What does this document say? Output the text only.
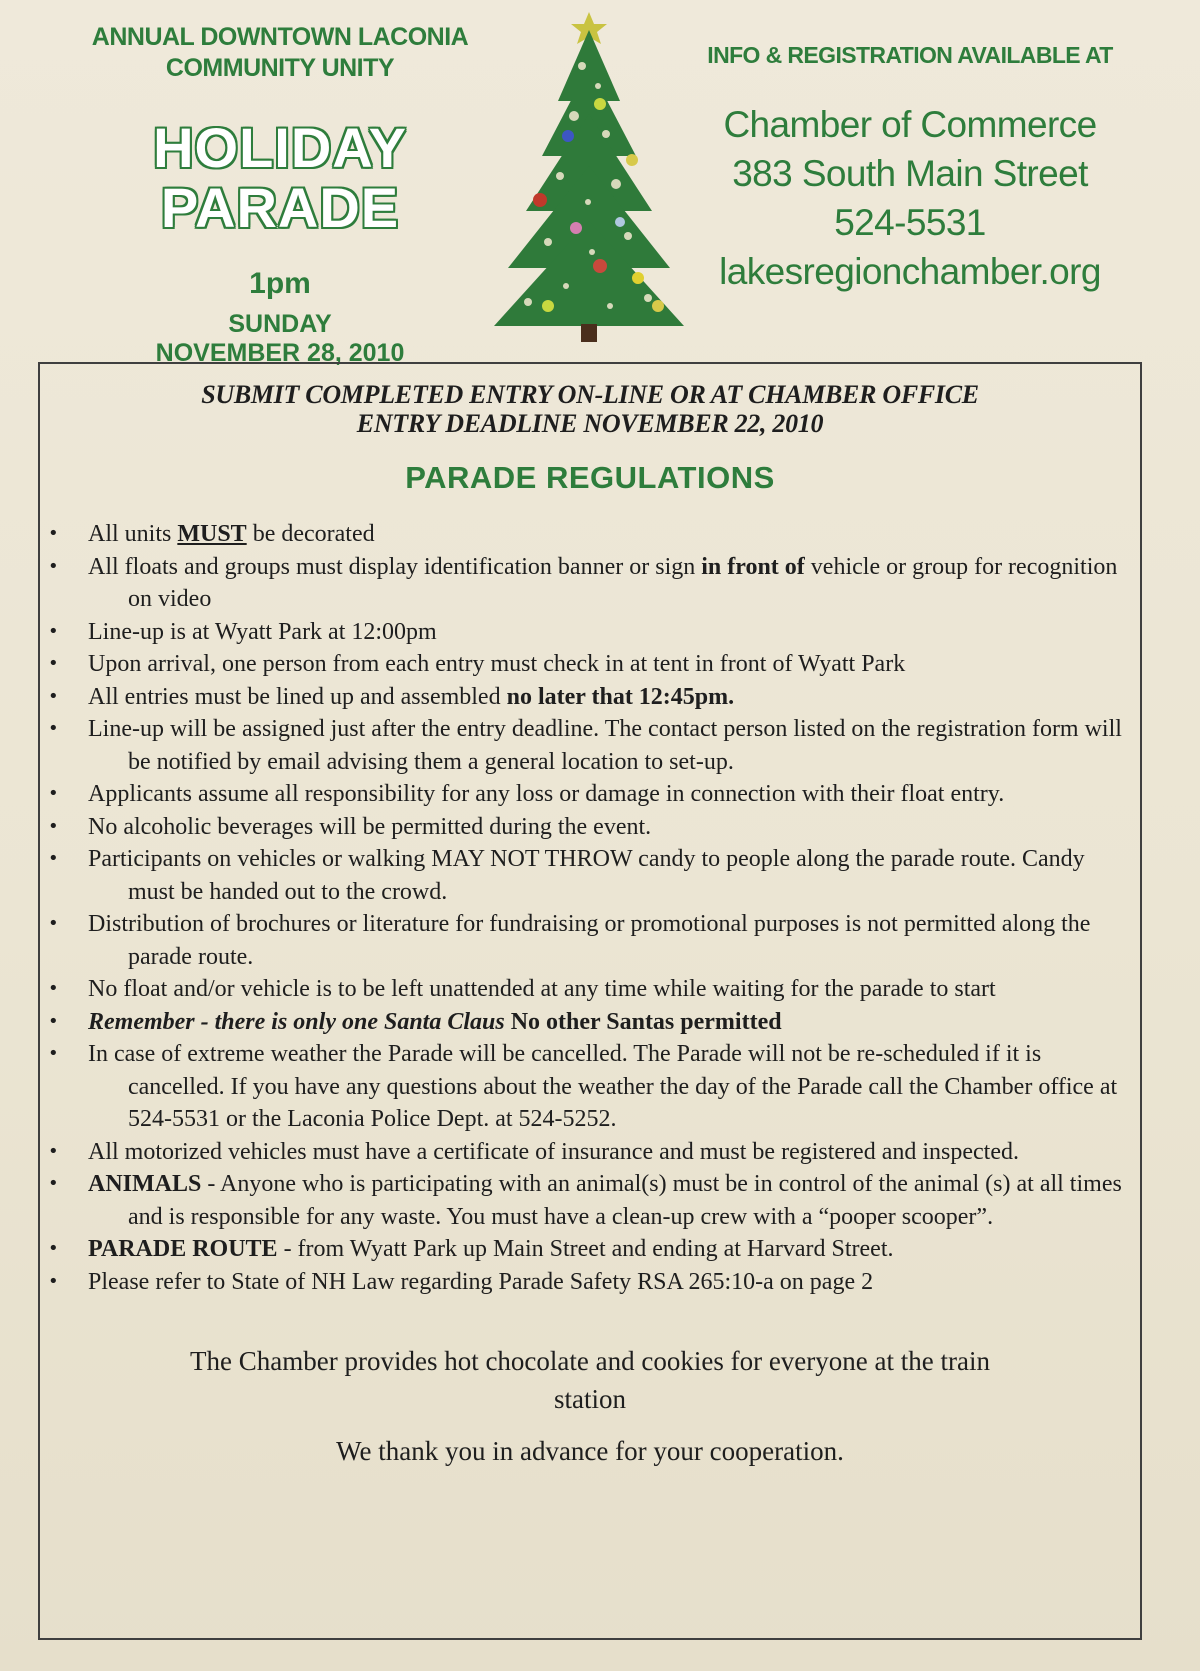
ANNUAL DOWNTOWN LACONIA
COMMUNITY UNITY
HOLIDAY PARADE
1pm
SUNDAY
NOVEMBER 28, 2010
INFO & REGISTRATION AVAILABLE AT
Chamber of Commerce
383 South Main Street
524-5531
lakesregionchamber.org
SUBMIT COMPLETED ENTRY ON-LINE OR AT CHAMBER OFFICE
ENTRY DEADLINE NOVEMBER 22, 2010
PARADE REGULATIONS
• All units MUST be decorated
• All floats and groups must display identification banner or sign in front of vehicle or group for recognition on video
• Line-up is at Wyatt Park at 12:00pm
• Upon arrival, one person from each entry must check in at tent in front of Wyatt Park
• All entries must be lined up and assembled no later that 12:45pm.
• Line-up will be assigned just after the entry deadline. The contact person listed on the registration form will be notified by email advising them a general location to set-up.
• Applicants assume all responsibility for any loss or damage in connection with their float entry.
• No alcoholic beverages will be permitted during the event.
• Participants on vehicles or walking MAY NOT THROW candy to people along the parade route. Candy must be handed out to the crowd.
• Distribution of brochures or literature for fundraising or promotional purposes is not permitted along the parade route.
• No float and/or vehicle is to be left unattended at any time while waiting for the parade to start
• Remember - there is only one Santa Claus No other Santas permitted
• In case of extreme weather the Parade will be cancelled. The Parade will not be re-scheduled if it is cancelled. If you have any questions about the weather the day of the Parade call the Chamber office at 524-5531 or the Laconia Police Dept. at 524-5252.
• All motorized vehicles must have a certificate of insurance and must be registered and inspected.
• ANIMALS - Anyone who is participating with an animal(s) must be in control of the animal (s) at all times and is responsible for any waste. You must have a clean-up crew with a “pooper scooper”.
• PARADE ROUTE - from Wyatt Park up Main Street and ending at Harvard Street.
• Please refer to State of NH Law regarding Parade Safety RSA 265:10-a on page 2
The Chamber provides hot chocolate and cookies for everyone at the train station
We thank you in advance for your cooperation.
